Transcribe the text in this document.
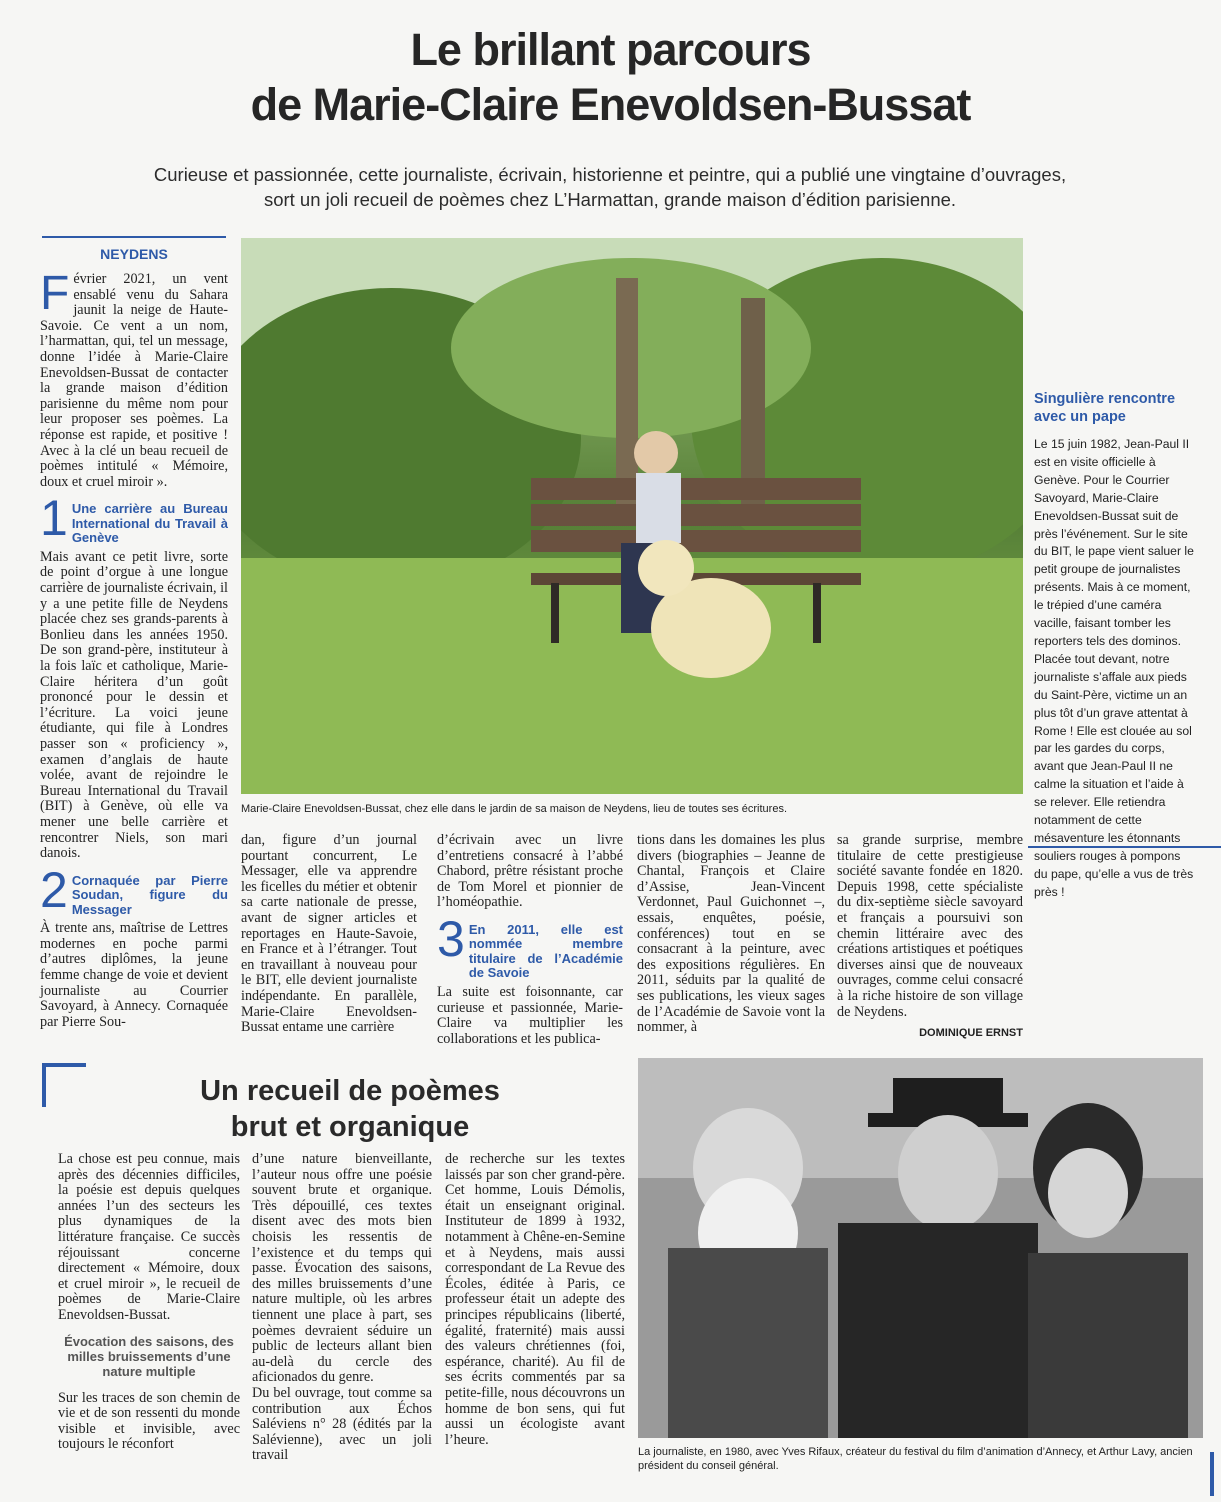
Le brillant parcours
de Marie-Claire Enevoldsen-Bussat
Curieuse et passionnée, cette journaliste, écrivain, historienne et peintre, qui a publié une vingtaine d’ouvrages,
sort un joli recueil de poèmes chez L’Harmattan, grande maison d’édition parisienne.
NEYDENS

Février 2021, un vent ensablé venu du Sahara jaunit la neige de Haute-Savoie. Ce vent a un nom, l’harmattan, qui, tel un message, donne l’idée à Marie-Claire Enevoldsen-Bussat de contacter la grande maison d’édition parisienne du même nom pour leur proposer ses poèmes. La réponse est rapide, et positive ! Avec à la clé un beau recueil de poèmes intitulé « Mémoire, doux et cruel miroir ».

1 Une carrière au Bureau International du Travail à Genève

Mais avant ce petit livre, sorte de point d’orgue à une longue carrière de journaliste écrivain, il y a une petite fille de Neydens placée chez ses grands-parents à Bonlieu dans les années 1950. De son grand-père, instituteur à la fois laïc et catholique, Marie-Claire héritera d’un goût prononcé pour le dessin et l’écriture. La voici jeune étudiante, qui file à Londres passer son « proficiency », examen d’anglais de haute volée, avant de rejoindre le Bureau International du Travail (BIT) à Genève, où elle va mener une belle carrière et rencontrer Niels, son mari danois.

2 Cornaquée par Pierre Soudan, figure du Messager

À trente ans, maîtrise de Lettres modernes en poche parmi d’autres diplômes, la jeune femme change de voie et devient journaliste au Courrier Savoyard, à Annecy. Cornaquée par Pierre Sou-

Marie-Claire Enevoldsen-Bussat, chez elle dans le jardin de sa maison de Neydens, lieu de toutes ses écritures.
Singulière rencontre avec un pape
Le 15 juin 1982, Jean-Paul II est en visite officielle à Genève. Pour le Courrier Savoyard, Marie-Claire Enevoldsen-Bussat suit de près l’événement. Sur le site du BIT, le pape vient saluer le petit groupe de journalistes présents. Mais à ce moment, le trépied d’une caméra vacille, faisant tomber les reporters tels des dominos. Placée tout devant, notre journaliste s’affale aux pieds du Saint-Père, victime un an plus tôt d’un grave attentat à Rome ! Elle est clouée au sol par les gardes du corps, avant que Jean-Paul II ne calme la situation et l’aide à se relever. Elle retiendra notamment de cette mésaventure les étonnants souliers rouges à pompons du pape, qu’elle a vus de très près !

dan, figure d’un journal pourtant concurrent, Le Messager, elle va apprendre les ficelles du métier et obtenir sa carte nationale de presse, avant de signer articles et reportages en Haute-Savoie, en France et à l’étranger. Tout en travaillant à nouveau pour le BIT, elle devient journaliste indépendante. En parallèle, Marie-Claire Enevoldsen-Bussat entame une carrière

d’écrivain avec un livre d’entretiens consacré à l’abbé Chabord, prêtre résistant proche de Tom Morel et pionnier de l’homéopathie.

3 En 2011, elle est nommée membre titulaire de l’Académie de Savoie

La suite est foisonnante, car curieuse et passionnée, Marie-Claire va multiplier les collaborations et les publica-

tions dans les domaines les plus divers (biographies – Jeanne de Chantal, François et Claire d’Assise, Jean-Vincent Verdonnet, Paul Guichonnet –, essais, enquêtes, poésie, conférences) tout en se consacrant à la peinture, avec des expositions régulières. En 2011, séduits par la qualité de ses publications, les vieux sages de l’Académie de Savoie vont la nommer, à

sa grande surprise, membre titulaire de cette prestigieuse société savante fondée en 1820. Depuis 1998, cette spécialiste du dix-septième siècle savoyard et français a poursuivi son chemin littéraire avec des créations artistiques et poétiques diverses ainsi que de nouveaux ouvrages, comme celui consacré à la riche histoire de son village de Neydens.

DOMINIQUE ERNST
Un recueil de poèmes
brut et organique

La chose est peu connue, mais après des décennies difficiles, la poésie est depuis quelques années l’un des secteurs les plus dynamiques de la littérature française. Ce succès réjouissant concerne directement « Mémoire, doux et cruel miroir », le recueil de poèmes de Marie-Claire Enevoldsen-Bussat.

Évocation des saisons, des milles bruissements d’une nature multiple

Sur les traces de son chemin de vie et de son ressenti du monde visible et invisible, avec toujours le réconfort

d’une nature bienveillante, l’auteur nous offre une poésie souvent brute et organique. Très dépouillé, ces textes disent avec des mots bien choisis les ressentis de l’existence et du temps qui passe. Évocation des saisons, des milles bruissements d’une nature multiple, où les arbres tiennent une place à part, ses poèmes devraient séduire un public de lecteurs allant bien au-delà du cercle des aficionados du genre.

Du bel ouvrage, tout comme sa contribution aux Échos Saléviens n° 28 (édités par la Salévienne), avec un joli travail

de recherche sur les textes laissés par son cher grand-père. Cet homme, Louis Démolis, était un enseignant original. Instituteur de 1899 à 1932, notamment à Chêne-en-Semine et à Neydens, mais aussi correspondant de La Revue des Écoles, éditée à Paris, ce professeur était un adepte des principes républicains (liberté, égalité, fraternité) mais aussi des valeurs chrétiennes (foi, espérance, charité). Au fil de ses écrits commentés par sa petite-fille, nous découvrons un homme de bon sens, qui fut aussi un écologiste avant l’heure.

La journaliste, en 1980, avec Yves Rifaux, créateur du festival du film d’animation d’Annecy, et Arthur Lavy, ancien président du conseil général.
